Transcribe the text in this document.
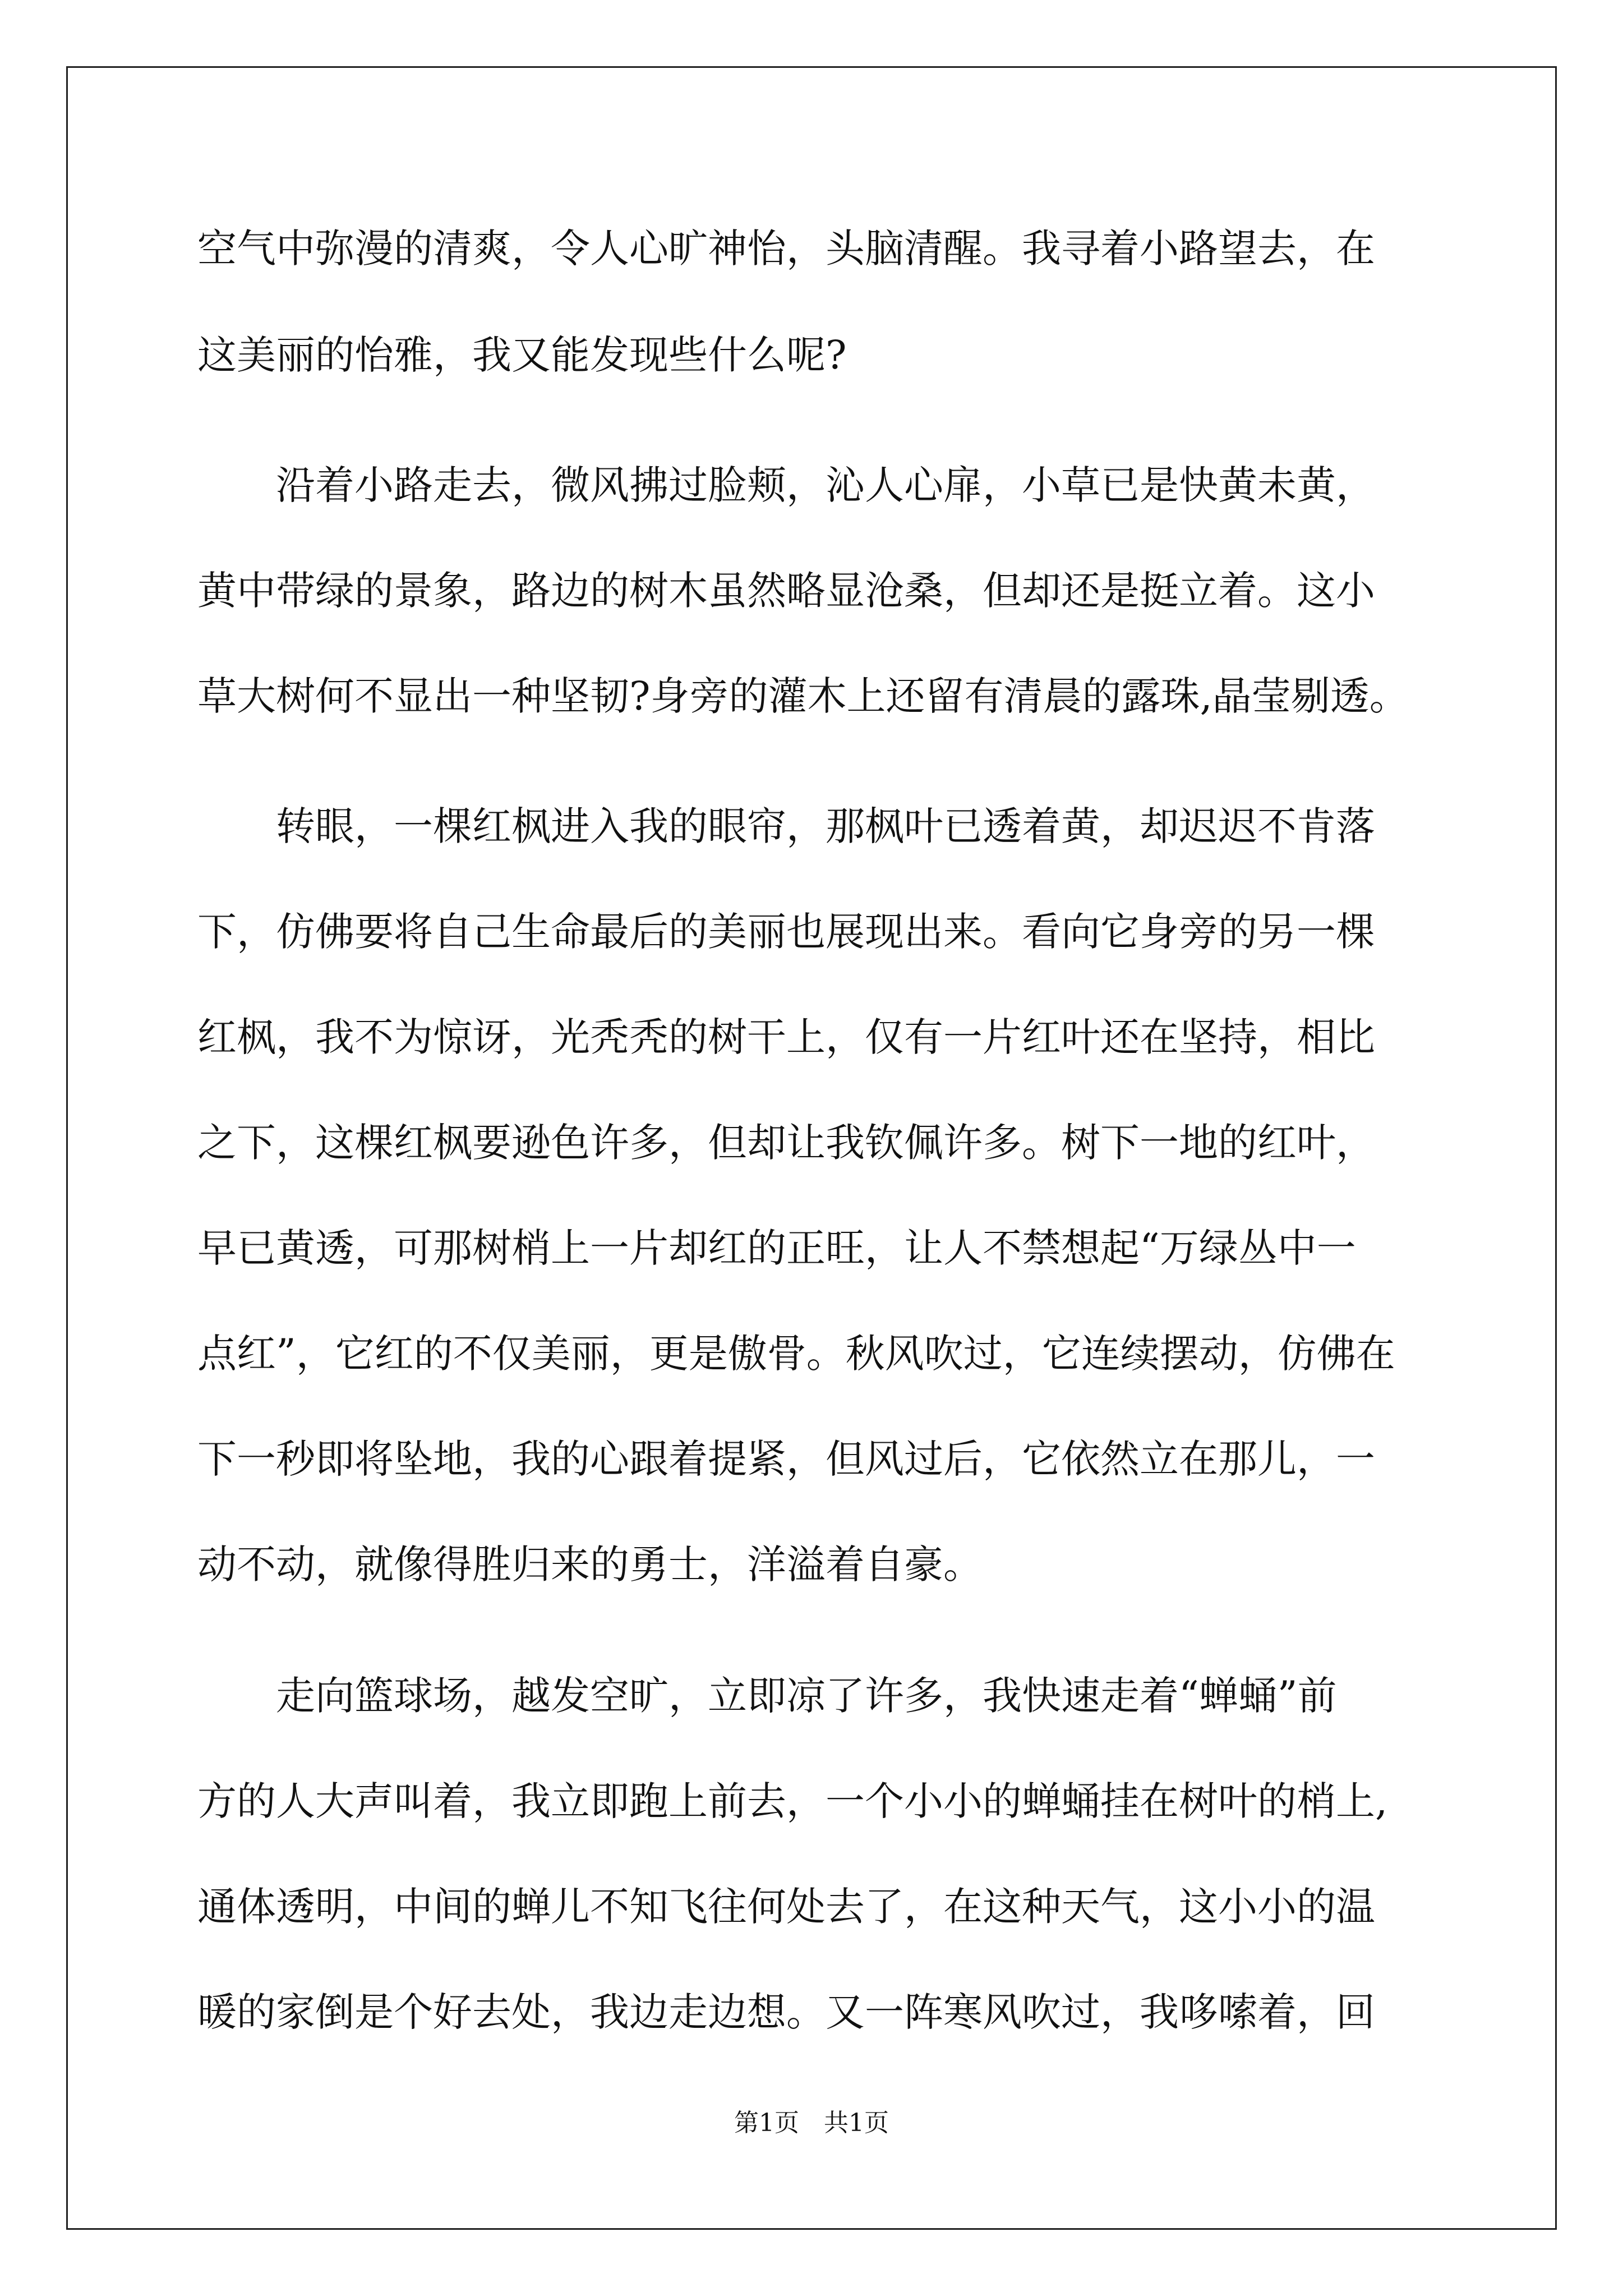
空气中弥漫的清爽，令人心旷神怡，头脑清醒。我寻着小路望去，在
这美丽的怡雅，我又能发现些什么呢?
沿着小路走去，微风拂过脸颊，沁人心扉，小草已是快黄未黄，
黄中带绿的景象，路边的树木虽然略显沧桑，但却还是挺立着。这小
草大树何不显出一种坚韧?身旁的灌木上还留有清晨的露珠,晶莹剔透。
转眼，一棵红枫进入我的眼帘，那枫叶已透着黄，却迟迟不肯落
下，仿佛要将自己生命最后的美丽也展现出来。看向它身旁的另一棵
红枫，我不为惊讶，光秃秃的树干上，仅有一片红叶还在坚持，相比
之下，这棵红枫要逊色许多，但却让我钦佩许多。树下一地的红叶，
早已黄透，可那树梢上一片却红的正旺，让人不禁想起“万绿丛中一
点红”，它红的不仅美丽，更是傲骨。秋风吹过，它连续摆动，仿佛在
下一秒即将坠地，我的心跟着提紧，但风过后，它依然立在那儿，一
动不动，就像得胜归来的勇士，洋溢着自豪。
走向篮球场，越发空旷，立即凉了许多，我快速走着“蝉蛹”前
方的人大声叫着，我立即跑上前去，一个小小的蝉蛹挂在树叶的梢上,
通体透明，中间的蝉儿不知飞往何处去了，在这种天气，这小小的温
暖的家倒是个好去处，我边走边想。又一阵寒风吹过，我哆嗦着，回
第1页 共1页
